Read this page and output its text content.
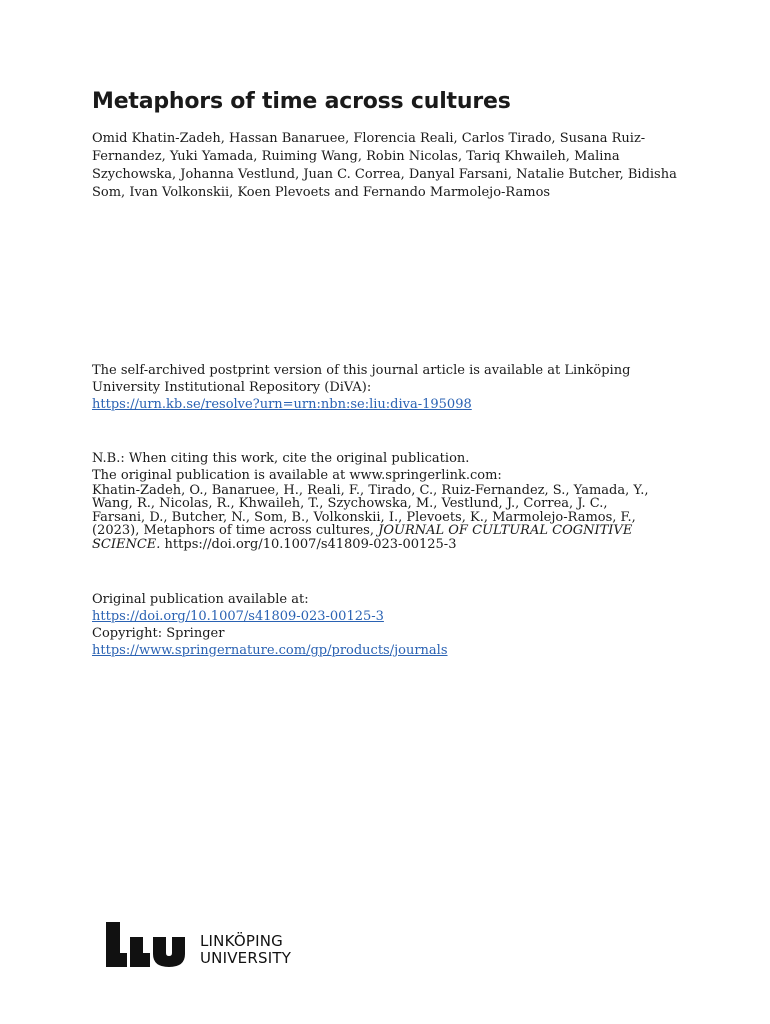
Metaphors of time across cultures

Omid Khatin-Zadeh, Hassan Banaruee, Florencia Reali, Carlos Tirado, Susana Ruiz-Fernandez, Yuki Yamada, Ruiming Wang, Robin Nicolas, Tariq Khwaileh, Malina Szychowska, Johanna Vestlund, Juan C. Correa, Danyal Farsani, Natalie Butcher, Bidisha Som, Ivan Volkonskii, Koen Plevoets and Fernando Marmolejo-Ramos

The self-archived postprint version of this journal article is available at Linköping
University Institutional Repository (DiVA):
https://urn.kb.se/resolve?urn=urn:nbn:se:liu:diva-195098
N.B.: When citing this work, cite the original publication.
The original publication is available at www.springerlink.com:
Khatin-Zadeh, O., Banaruee, H., Reali, F., Tirado, C., Ruiz-Fernandez, S., Yamada, Y.,
Wang, R., Nicolas, R., Khwaileh, T., Szychowska, M., Vestlund, J., Correa, J. C.,
Farsani, D., Butcher, N., Som, B., Volkonskii, I., Plevoets, K., Marmolejo-Ramos, F.,
(2023), Metaphors of time across cultures, JOURNAL OF CULTURAL COGNITIVE
SCIENCE. https://doi.org/10.1007/s41809-023-00125-3
Original publication available at:
https://doi.org/10.1007/s41809-023-00125-3
Copyright: Springer
https://www.springernature.com/gp/products/journals
LINKÖPING
UNIVERSITY
